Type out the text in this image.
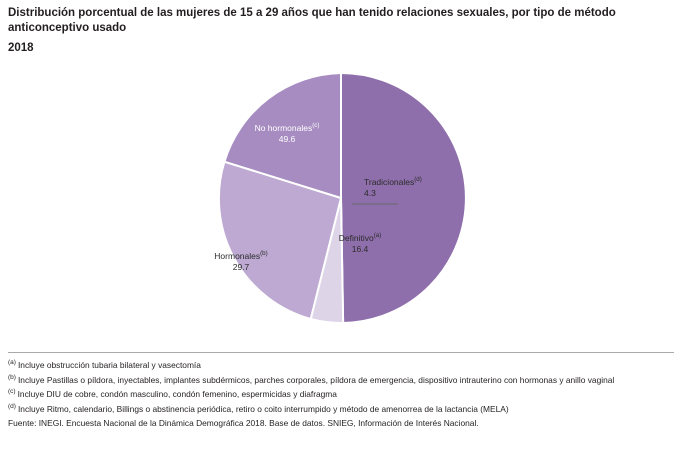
Distribución porcentual de las mujeres de 15 a 29 años que han tenido relaciones sexuales, por tipo de método anticonceptivo usado
2018
No hormonales$^{(c)}$
49.6
Tradicionales$^{(d)}$
4.3
Definitivo$^{(a)}$
16.4
Hormonales$^{(b)}$
29.7

$^{(a)}$ Incluye obstrucción tubaria bilateral y vasectomía

$^{(b)}$ Incluye Pastillas o píldora, inyectables, implantes subdérmicos, parches corporales, píldora de emergencia, dispositivo intrauterino con hormonas y anillo vaginal

$^{(c)}$ Incluye DIU de cobre, condón masculino, condón femenino, espermicidas y diafragma

$^{(d)}$ Incluye Ritmo, calendario, Billings o abstinencia periódica, retiro o coito interrumpido y método de amenorrea de la lactancia (MELA)

Fuente: INEGI. Encuesta Nacional de la Dinámica Demográfica 2018. Base de datos. SNIEG, Información de Interés Nacional.
